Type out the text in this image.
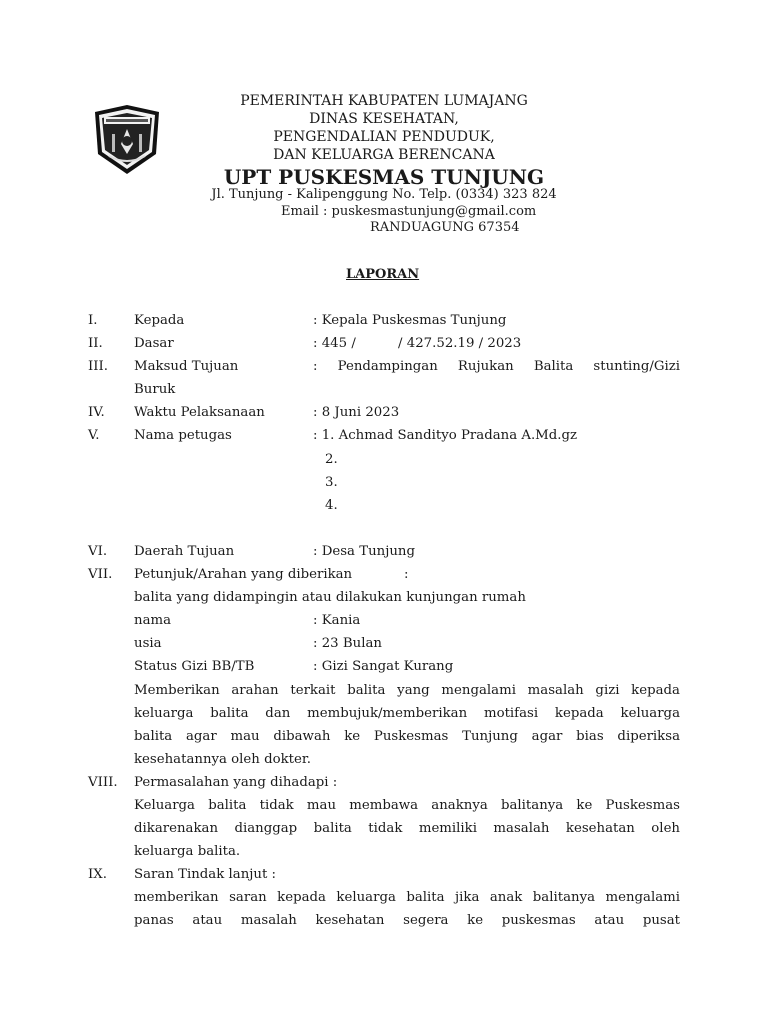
PEMERINTAH KABUPATEN LUMAJANG
DINAS KESEHATAN,
PENGENDALIAN PENDUDUK,
DAN KELUARGA BERENCANA
UPT PUSKESMAS TUNJUNG
Jl. Tunjung - Kalipenggung No. Telp. (0334) 323 824
Email : puskesmastunjung@gmail.com
RANDUAGUNG 67354
LAPORAN
I.	Kepada	: Kepala Puskesmas Tunjung
II. Dasar	: 445 /          / 427.52.19 / 2023
III. Maksud Tujuan	: Pendampingan Rujukan Balita stunting/Gizi
Buruk
IV. Waktu Pelaksanaan	: 8 Juni 2023
V.	Nama petugas	: 1. Achmad Sandityo Pradana A.Md.gz
2.
3.
4.
VI. Daerah Tujuan	: Desa Tunjung
VII. Petunjuk/Arahan yang diberikan	:
balita yang didampingin atau dilakukan kunjungan rumah
nama	: Kania
usia	: 23 Bulan
Status Gizi BB/TB	: Gizi Sangat Kurang
Memberikan arahan terkait balita yang mengalami masalah gizi kepada
keluarga balita dan membujuk/memberikan motifasi kepada keluarga
balita agar mau dibawah ke Puskesmas Tunjung agar bias diperiksa
kesehatannya oleh dokter.
VIII. Permasalahan yang dihadapi :
Keluarga balita tidak mau membawa anaknya balitanya ke Puskesmas
dikarenakan dianggap balita tidak memiliki masalah kesehatan oleh
keluarga balita.
IX. Saran Tindak lanjut :
memberikan saran kepada keluarga balita jika anak balitanya mengalami
panas atau masalah kesehatan segera ke puskesmas atau pusat
